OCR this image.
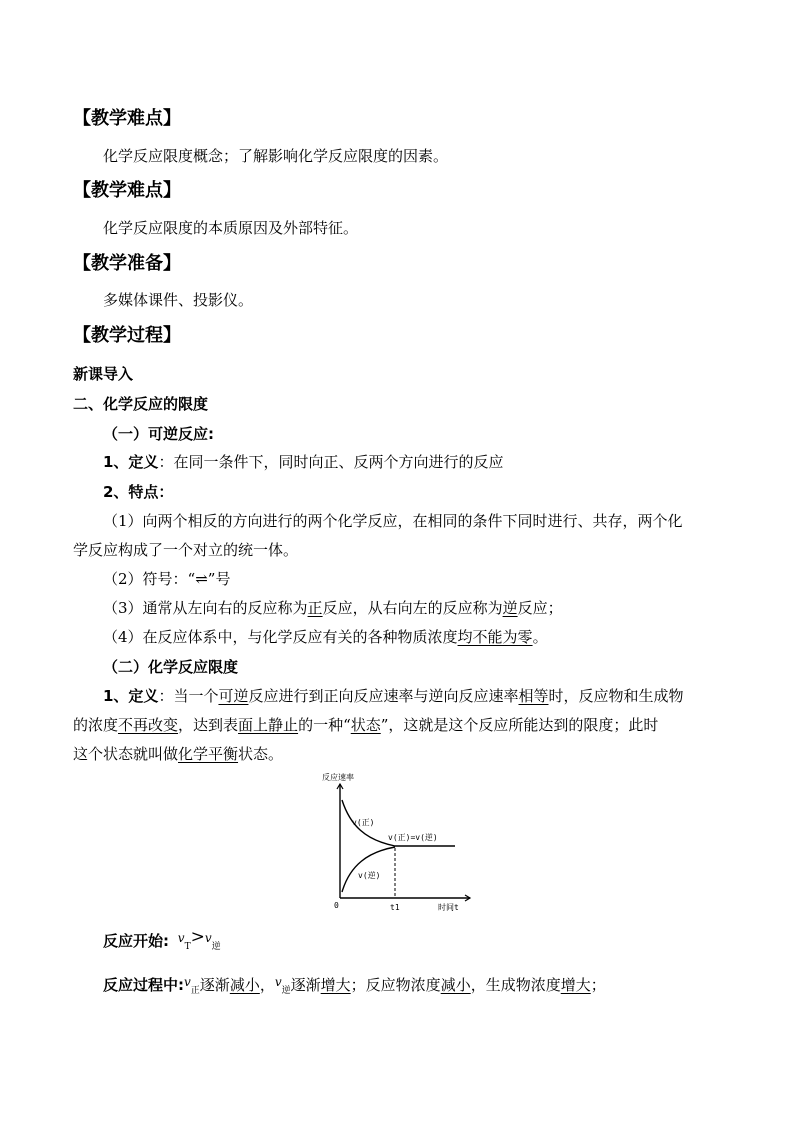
【教学难点】
化学反应限度概念；了解影响化学反应限度的因素。
【教学难点】
化学反应限度的本质原因及外部特征。
【教学准备】
多媒体课件、投影仪。
【教学过程】
新课导入
二、化学反应的限度
（一）可逆反应:
1、定义：在同一条件下，同时向正、反两个方向进行的反应
2、特点：
（1）向两个相反的方向进行的两个化学反应，在相同的条件下同时进行、共存，两个化
学反应构成了一个对立的统一体。
（2）符号：“⇌”号
（3）通常从左向右的反应称为正反应，从右向左的反应称为逆反应；
（4）在反应体系中，与化学反应有关的各种物质浓度均不能为零。
（二）化学反应限度
1、定义：当一个可逆反应进行到正向反应速率与逆向反应速率相等时，反应物和生成物
的浓度不再改变，达到表面上静止的一种“状态”，这就是这个反应所能达到的限度；此时
这个状态就叫做化学平衡状态。
反应速率
v(正)
v(正)=v(逆)
v(逆)
0	t1	时间t
反应开始: $^v_T$>$^v_逆$
反应过程中:$^v_正$逐渐减小，$^v_逆$逐渐增大；反应物浓度减小，生成物浓度增大；
